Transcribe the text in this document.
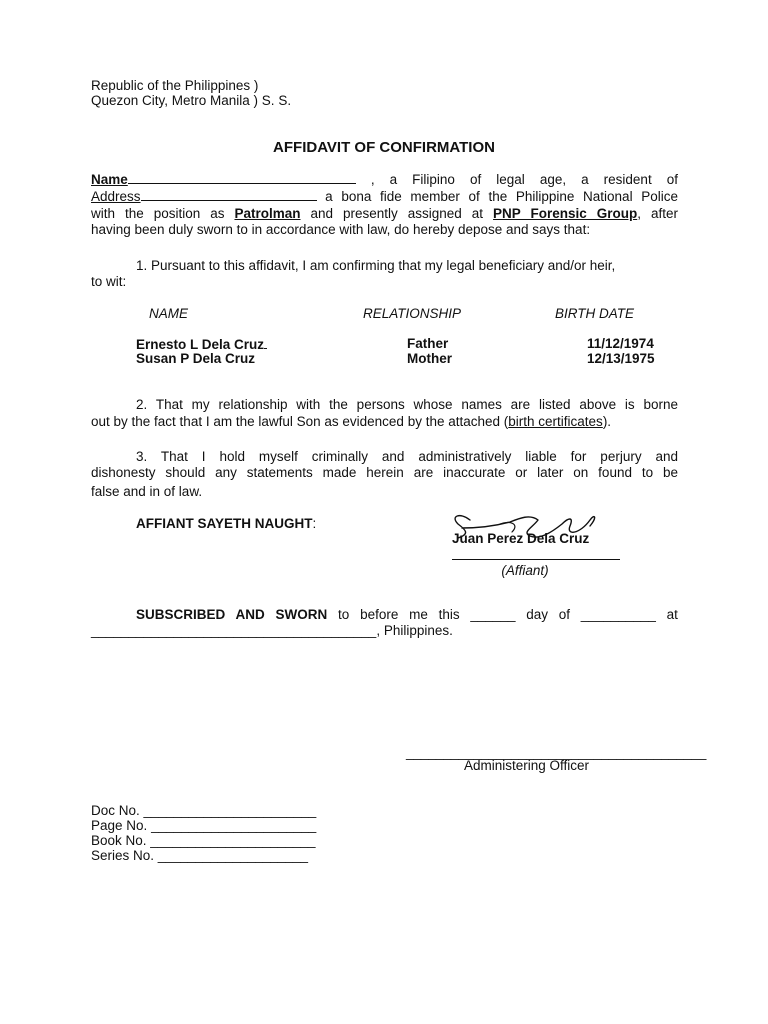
Republic of the Philippines )
Quezon City, Metro Manila ) S. S.
AFFIDAVIT OF CONFIRMATION
Name	, a Filipino of legal age, a resident of
Address	a bona fide member of the Philippine National Police
with the position as Patrolman and presently assigned at PNP Forensic Group, after
having been duly sworn to in accordance with law, do hereby depose and says that:
1. Pursuant to this affidavit, I am confirming that my legal beneficiary and/or heir,
to wit:
NAME	RELATIONSHIP	BIRTH DATE
Ernesto L Dela Cruz	Father	11/12/1974
Susan P Dela Cruz	Mother	12/13/1975
2. That my relationship with the persons whose names are listed above is borne
out by the fact that I am the lawful Son as evidenced by the attached (birth certificates).
3. That I hold myself criminally and administratively liable for perjury and
dishonesty should any statements made herein are inaccurate or later on found to be
false and in of law.
AFFIANT SAYETH NAUGHT:
Juan Perez Dela Cruz
(Affiant)
SUBSCRIBED AND SWORN to before me this ______ day of __________ at
______________________________________, Philippines.
________________________________________
Administering Officer
Doc No. _______________________
Page No. ______________________
Book No. ______________________
Series No. ____________________
